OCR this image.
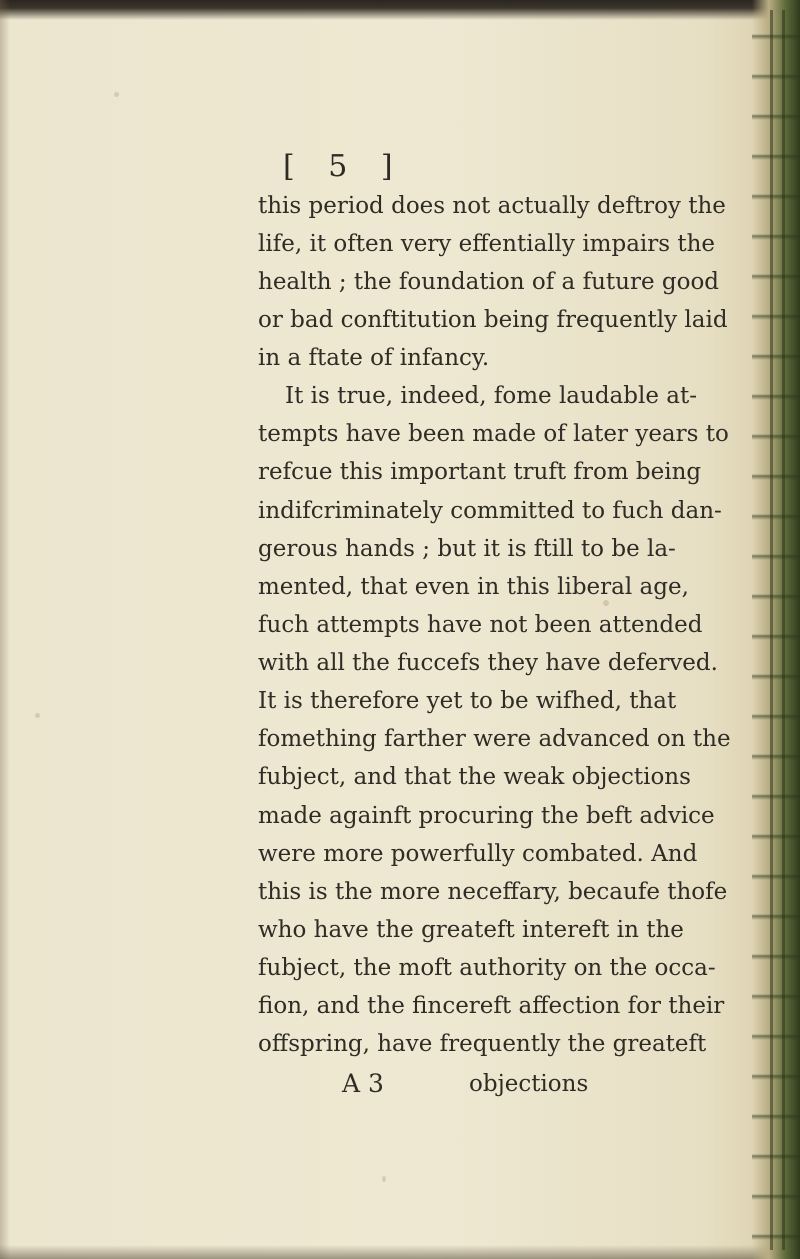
[ 5 ]
this period does not actually deftroy the
life, it often very effentially impairs the
health ; the foundation of a future good
or bad conftitution being frequently laid
in a ftate of infancy.
It is true, indeed, fome laudable at-
tempts have been made of later years to
refcue this important truft from being
indifcriminately committed to fuch dan-
gerous hands ; but it is ftill to be la-
mented, that even in this liberal age,
fuch attempts have not been attended
with all the fuccefs they have deferved.
It is therefore yet to be wifhed, that
fomething farther were advanced on the
fubject, and that the weak objections
made againft procuring the beft advice
were more powerfully combated. And
this is the more neceffary, becaufe thofe
who have the greateft intereft in the
fubject, the moft authority on the occa-
fion, and the fincereft affection for their
offspring, have frequently the greateft
A 3	objections
